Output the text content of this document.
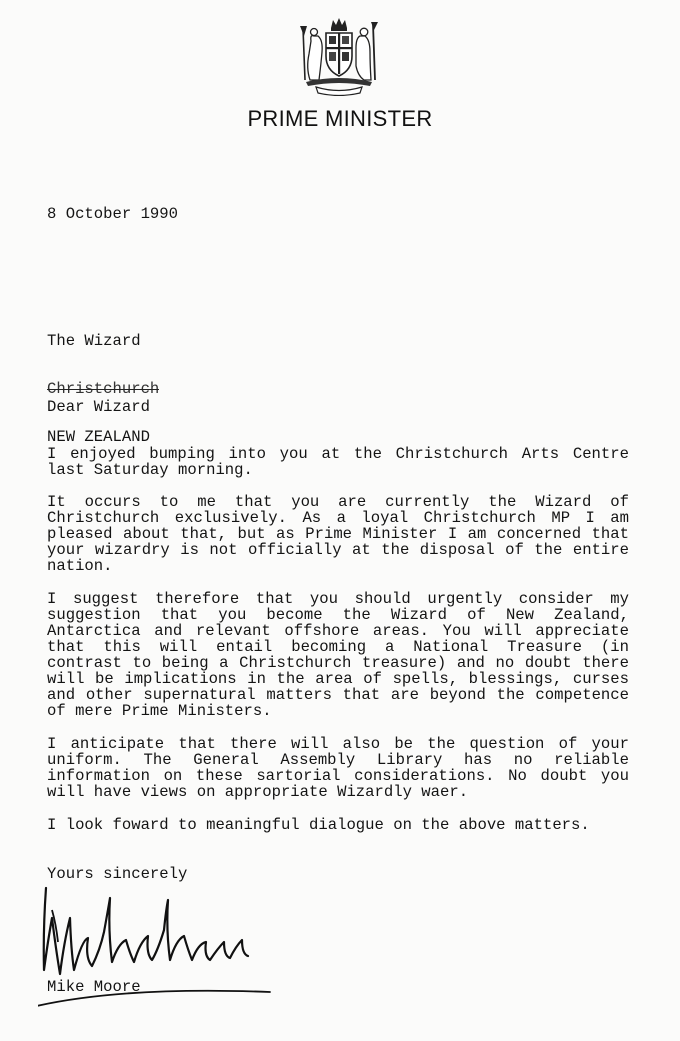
PRIME MINISTER
8 October 1990

The Wizard

Christchurch

NEW ZEALAND

Dear Wizard

I enjoyed bumping into you at the Christchurch Arts Centre last Saturday morning.

It occurs to me that you are currently the Wizard of Christchurch exclusively. As a loyal Christchurch MP I am pleased about that, but as Prime Minister I am concerned that your wizardry is not officially at the disposal of the entire nation.

I suggest therefore that you should urgently consider my suggestion that you become the Wizard of New Zealand, Antarctica and relevant offshore areas. You will appreciate that this will entail becoming a National Treasure (in contrast to being a Christchurch treasure) and no doubt there will be implications in the area of spells, blessings, curses and other supernatural matters that are beyond the competence of mere Prime Ministers.

I anticipate that there will also be the question of your uniform. The General Assembly Library has no reliable information on these sartorial considerations. No doubt you will have views on appropriate Wizardly waer.

I look foward to meaningful dialogue on the above matters.

Yours sincerely
Mike Moore
